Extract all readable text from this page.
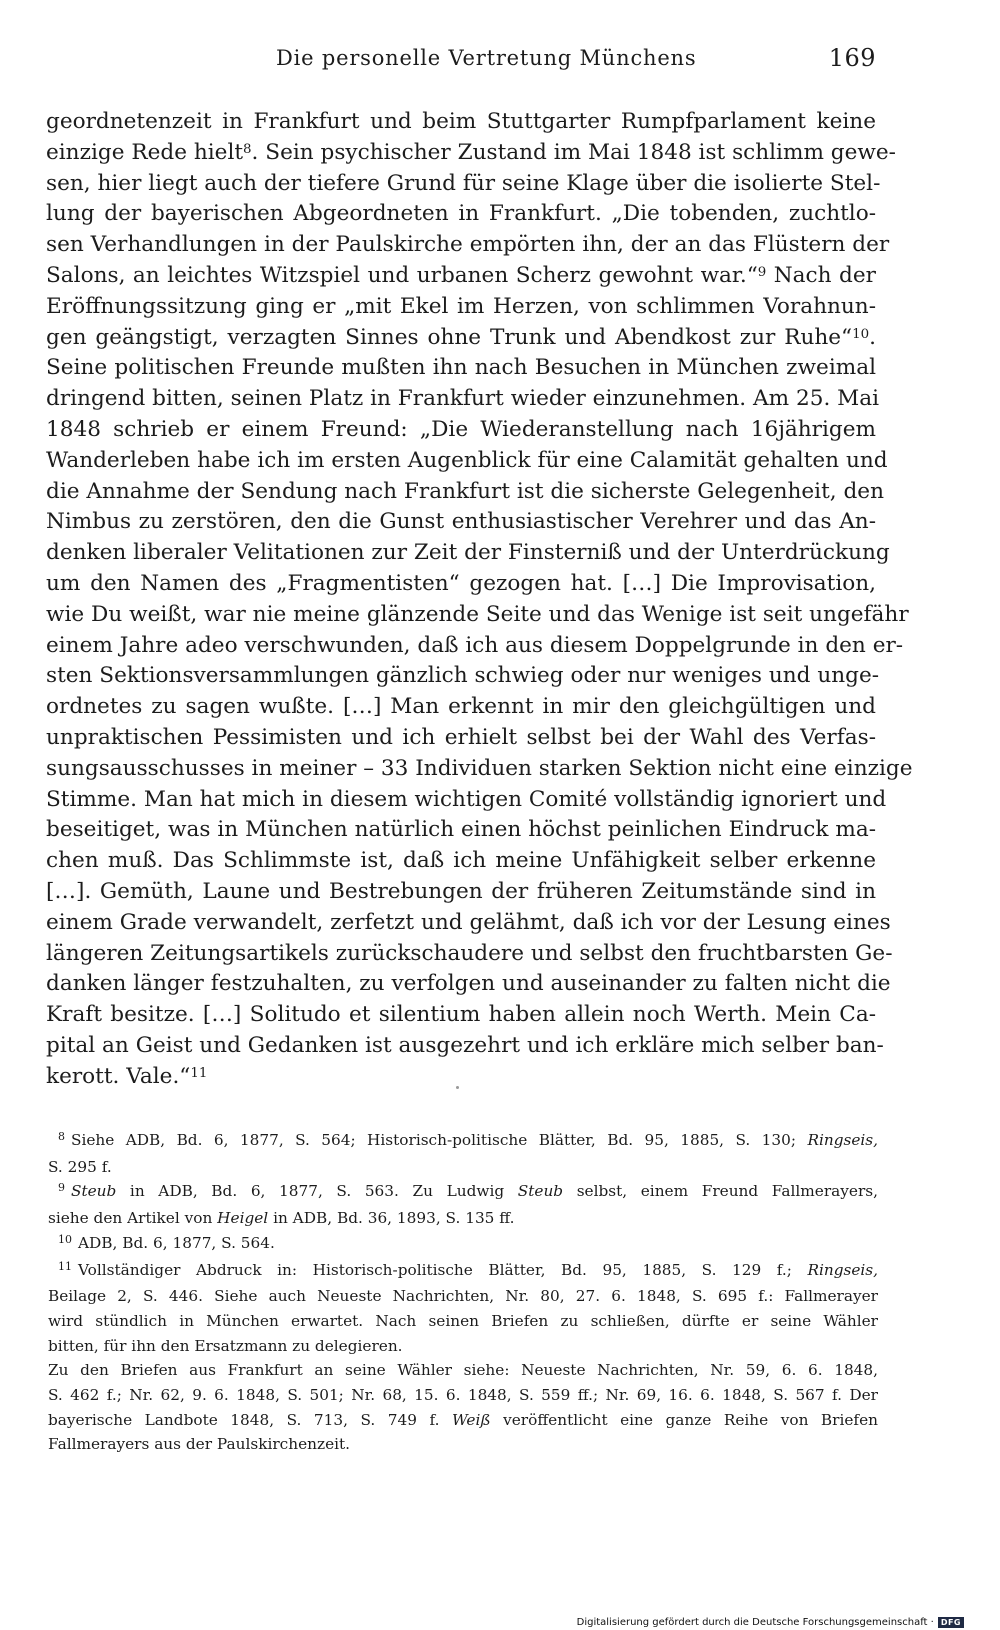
Die personelle Vertretung Münchens	169
geordnetenzeit in Frankfurt und beim Stuttgarter Rumpfparlament keine
einzige Rede hielt$^8$. Sein psychischer Zustand im Mai 1848 ist schlimm gewe-
sen, hier liegt auch der tiefere Grund für seine Klage über die isolierte Stel-
lung der bayerischen Abgeordneten in Frankfurt. „Die tobenden, zuchtlo-
sen Verhandlungen in der Paulskirche empörten ihn, der an das Flüstern der
Salons, an leichtes Witzspiel und urbanen Scherz gewohnt war.“$^9$ Nach der
Eröffnungssitzung ging er „mit Ekel im Herzen, von schlimmen Vorahnun-
gen geängstigt, verzagten Sinnes ohne Trunk und Abendkost zur Ruhe“$^{10}$.
Seine politischen Freunde mußten ihn nach Besuchen in München zweimal
dringend bitten, seinen Platz in Frankfurt wieder einzunehmen. Am 25. Mai
1848 schrieb er einem Freund: „Die Wiederanstellung nach 16jährigem
Wanderleben habe ich im ersten Augenblick für eine Calamität gehalten und
die Annahme der Sendung nach Frankfurt ist die sicherste Gelegenheit, den
Nimbus zu zerstören, den die Gunst enthusiastischer Verehrer und das An-
denken liberaler Velitationen zur Zeit der Finsterniß und der Unterdrückung
um den Namen des „Fragmentisten“ gezogen hat. […] Die Improvisation,
wie Du weißt, war nie meine glänzende Seite und das Wenige ist seit ungefähr
einem Jahre adeo verschwunden, daß ich aus diesem Doppelgrunde in den er-
sten Sektionsversammlungen gänzlich schwieg oder nur weniges und unge-
ordnetes zu sagen wußte. […] Man erkennt in mir den gleichgültigen und
unpraktischen Pessimisten und ich erhielt selbst bei der Wahl des Verfas-
sungsausschusses in meiner – 33 Individuen starken Sektion nicht eine einzige
Stimme. Man hat mich in diesem wichtigen Comité vollständig ignoriert und
beseitiget, was in München natürlich einen höchst peinlichen Eindruck ma-
chen muß. Das Schlimmste ist, daß ich meine Unfähigkeit selber erkenne
[…]. Gemüth, Laune und Bestrebungen der früheren Zeitumstände sind in
einem Grade verwandelt, zerfetzt und gelähmt, daß ich vor der Lesung eines
längeren Zeitungsartikels zurückschaudere und selbst den fruchtbarsten Ge-
danken länger festzuhalten, zu verfolgen und auseinander zu falten nicht die
Kraft besitze. […] Solitudo et silentium haben allein noch Werth. Mein Ca-
pital an Geist und Gedanken ist ausgezehrt und ich erkläre mich selber ban-
kerott. Vale.“$^{11}$
$^8$ Siehe ADB, Bd. 6, 1877, S. 564; Historisch-politische Blätter, Bd. 95, 1885, S. 130; Ringseis,
S. 295 f.
$^9$ Steub in ADB, Bd. 6, 1877, S. 563. Zu Ludwig Steub selbst, einem Freund Fallmerayers,
siehe den Artikel von Heigel in ADB, Bd. 36, 1893, S. 135 ff.
$^{10}$ ADB, Bd. 6, 1877, S. 564.
$^{11}$ Vollständiger Abdruck in: Historisch-politische Blätter, Bd. 95, 1885, S. 129 f.; Ringseis,
Beilage 2, S. 446. Siehe auch Neueste Nachrichten, Nr. 80, 27. 6. 1848, S. 695 f.: Fallmerayer
wird stündlich in München erwartet. Nach seinen Briefen zu schließen, dürfte er seine Wähler
bitten, für ihn den Ersatzmann zu delegieren.
Zu den Briefen aus Frankfurt an seine Wähler siehe: Neueste Nachrichten, Nr. 59, 6. 6. 1848,
S. 462 f.; Nr. 62, 9. 6. 1848, S. 501; Nr. 68, 15. 6. 1848, S. 559 ff.; Nr. 69, 16. 6. 1848, S. 567 f. Der
bayerische Landbote 1848, S. 713, S. 749 f. Weiß veröffentlicht eine ganze Reihe von Briefen
Fallmerayers aus der Paulskirchenzeit.
Digitalisierung gefördert durch die Deutsche Forschungsgemeinschaft · DFG
